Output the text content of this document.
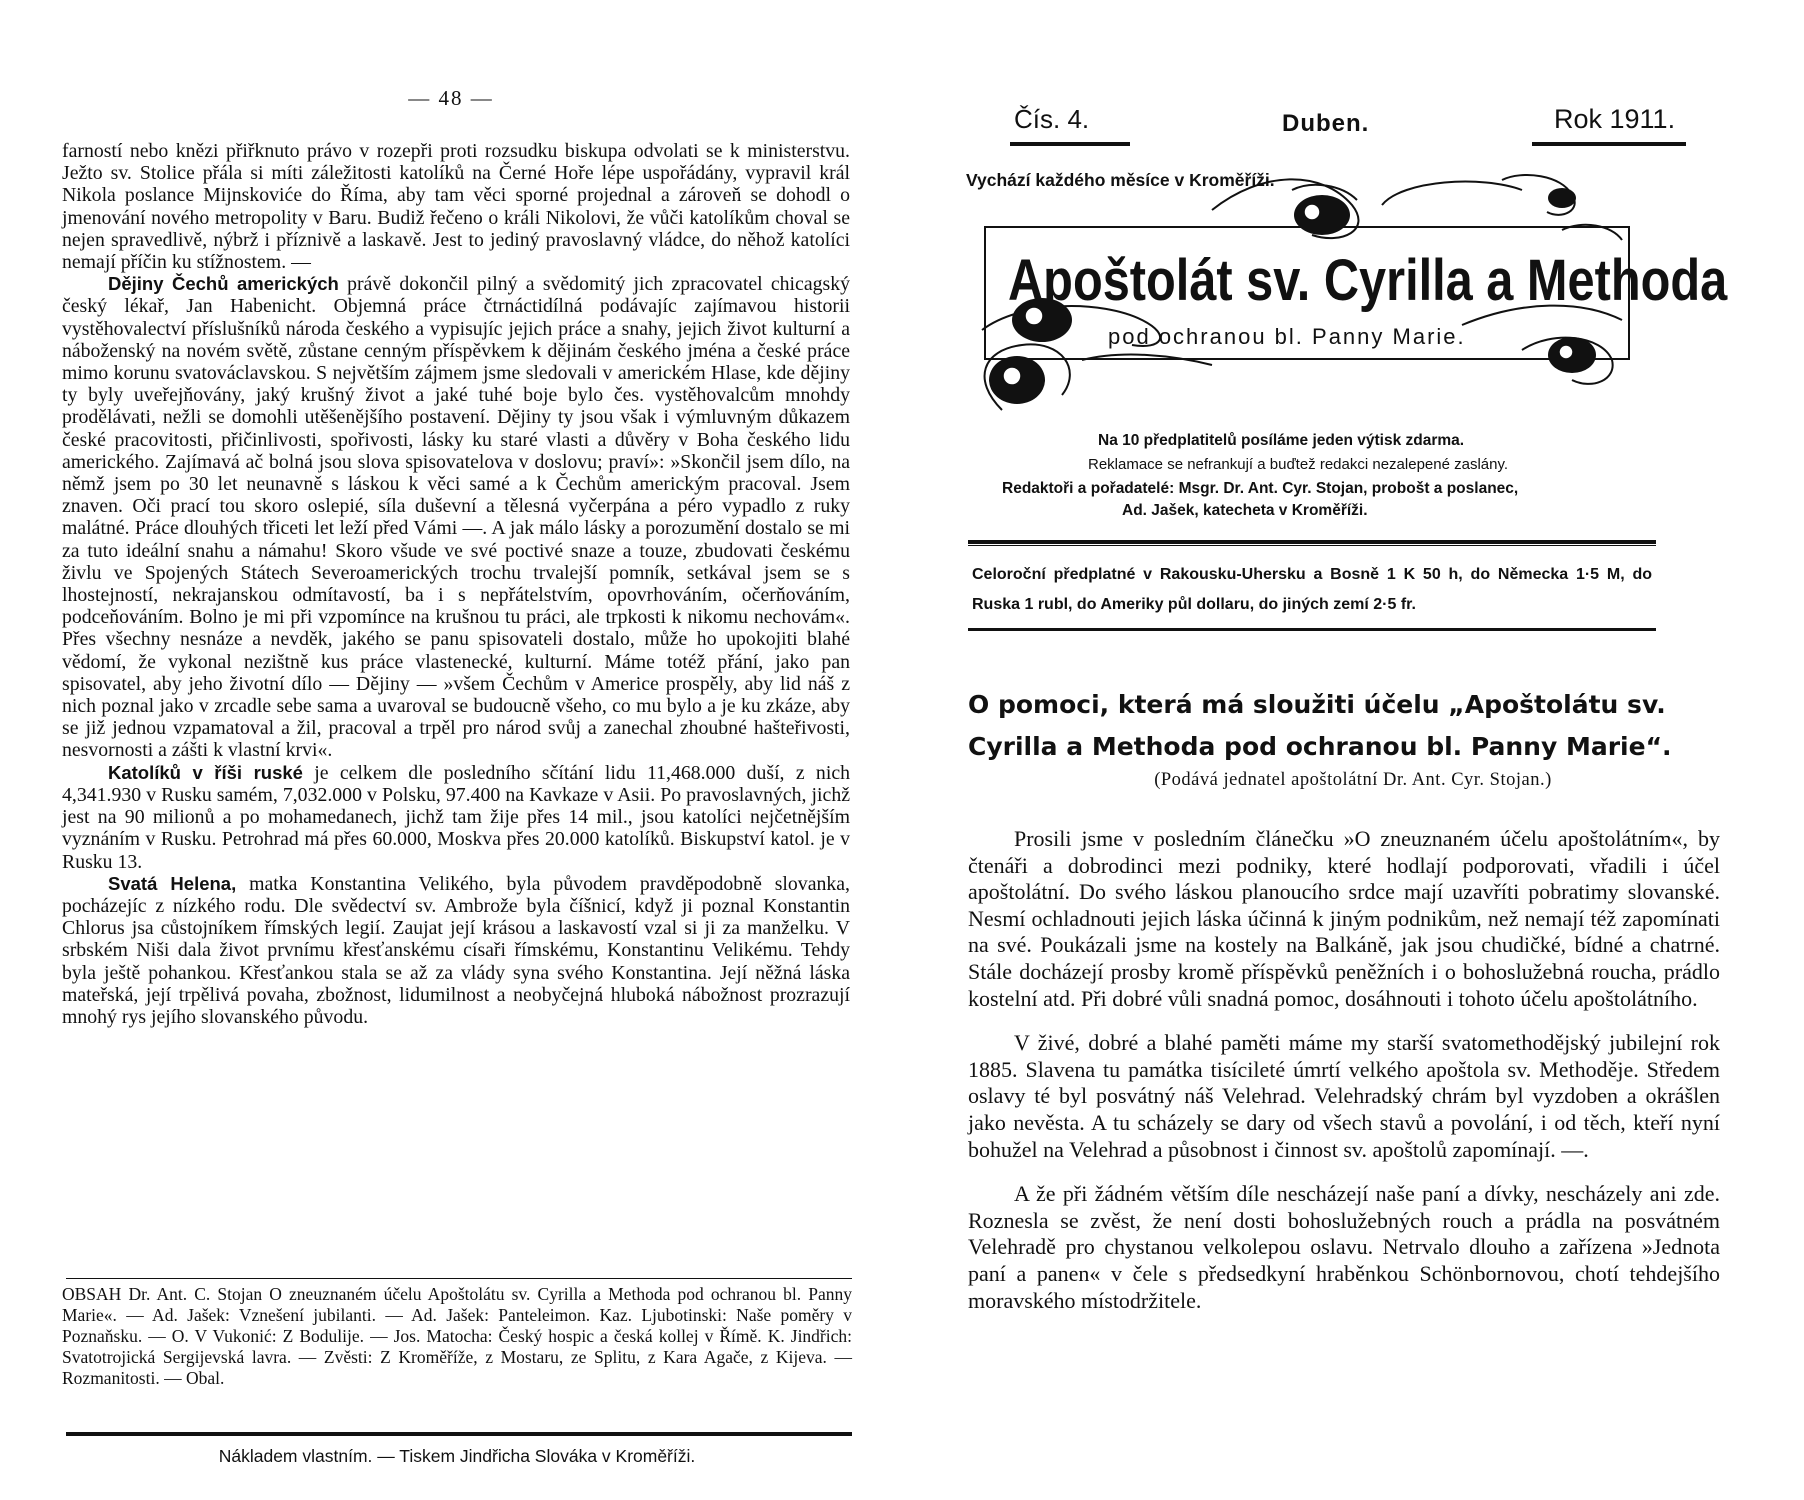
— 48 —

farností nebo knězi přiřknuto právo v rozepři proti rozsudku biskupa odvolati se k ministerstvu. Ježto sv. Stolice přála si míti záležitosti katolíků na Černé Hoře lépe uspořádány, vypravil král Nikola poslance Mijnskoviće do Říma, aby tam věci sporné projednal a zároveň se dohodl o jmenování nového metropolity v Baru. Budiž řečeno o králi Nikolovi, že vůči katolíkům choval se nejen spravedlivě, nýbrž i příznivě a laskavě. Jest to jediný pravoslavný vládce, do něhož katolíci nemají příčin ku stížnostem. —

Dějiny Čechů amerických právě dokončil pilný a svědomitý jich zpracovatel chicagský český lékař, Jan Habenicht. Objemná práce čtrnáctidílná podávajíc zajímavou historii vystěhovalectví příslušníků národa českého a vypisujíc jejich práce a snahy, jejich život kulturní a náboženský na novém světě, zůstane cenným příspěvkem k dějinám českého jména a české práce mimo korunu svatováclavskou. S největším zájmem jsme sledovali v americkém Hlase, kde dějiny ty byly uveřejňovány, jaký krušný život a jaké tuhé boje bylo čes. vystěhovalcům mnohdy prodělávati, nežli se domohli utěšenějšího postavení. Dějiny ty jsou však i výmluvným důkazem české pracovitosti, přičinlivosti, spořivosti, lásky ku staré vlasti a důvěry v Boha českého lidu amerického. Zajímavá ač bolná jsou slova spisovatelova v doslovu; praví»: »Skončil jsem dílo, na němž jsem po 30 let neunavně s láskou k věci samé a k Čechům americkým pracoval. Jsem znaven. Oči prací tou skoro oslepié, síla duševní a tělesná vyčerpána a péro vypadlo z ruky malátné. Práce dlouhých třiceti let leží před Vámi —. A jak málo lásky a porozumění dostalo se mi za tuto ideální snahu a námahu! Skoro všude ve své poctivé snaze a touze, zbudovati českému živlu ve Spojených Státech Severoamerických trochu trvalejší pomník, setkával jsem se s lhostejností, nekrajanskou odmítavostí, ba i s nepřátelstvím, opovrhováním, očerňováním, podceňováním. Bolno je mi při vzpomínce na krušnou tu práci, ale trpkosti k nikomu nechovám«. Přes všechny nesnáze a nevděk, jakého se panu spisovateli dostalo, může ho upokojiti blahé vědomí, že vykonal nezištně kus práce vlastenecké, kulturní. Máme totéž přání, jako pan spisovatel, aby jeho životní dílo — Dějiny — »všem Čechům v Americe prospěly, aby lid náš z nich poznal jako v zrcadle sebe sama a uvaroval se budoucně všeho, co mu bylo a je ku zkáze, aby se již jednou vzpamatoval a žil, pracoval a trpěl pro národ svůj a zanechal zhoubné hašteřivosti, nesvornosti a zášti k vlastní krvi«.

Katolíků v říši ruské je celkem dle posledního sčítání lidu 11,468.000 duší, z nich 4,341.930 v Rusku samém, 7,032.000 v Polsku, 97.400 na Kavkaze v Asii. Po pravoslavných, jichž jest na 90 milionů a po mohamedanech, jichž tam žije přes 14 mil., jsou katolíci nejčetnějším vyznáním v Rusku. Petrohrad má přes 60.000, Moskva přes 20.000 katolíků. Biskupství katol. je v Rusku 13.

Svatá Helena, matka Konstantina Velikého, byla původem pravděpodobně slovanka, pocházejíc z nízkého rodu. Dle svědectví sv. Ambrože byla číšnicí, když ji poznal Konstantin Chlorus jsa cůstojníkem římských legií. Zaujat její krásou a laskavostí vzal si ji za manželku. V srbském Niši dala život prvnímu křesťanskému císaři římskému, Konstantinu Velikému. Tehdy byla ještě pohankou. Křesťankou stala se až za vlády syna svého Konstantina. Její něžná láska mateřská, její trpělivá povaha, zbožnost, lidumilnost a neobyčejná hluboká nábožnost prozrazují mnohý rys jejího slovanského původu.

OBSAH Dr. Ant. C. Stojan O zneuznaném účelu Apoštolátu sv. Cyrilla a Methoda pod ochranou bl. Panny Marie«. — Ad. Jašek: Vznešení jubilanti. — Ad. Jašek: Panteleimon. Kaz. Ljubotinski: Naše poměry v Poznaňsku. — O. V Vukonić: Z Bodulije. — Jos. Matocha: Český hospic a česká kollej v Římě. K. Jindřich: Svatotrojická Sergijevská lavra. — Zvěsti: Z Kroměříže, z Mostaru, ze Splitu, z Kara Agače, z Kijeva. — Rozmanitosti. — Obal.
Nákladem vlastním. — Tiskem Jindřicha Slováka v Kroměříži.
Čís. 4.	Duben.	Rok 1911.
Vychází každého měsíce v Kroměříži.
Apoštolát sv. Cyrilla a Methoda
pod ochranou bl. Panny Marie.
Na 10 předplatitelů posíláme jeden výtisk zdarma.
Reklamace se nefrankují a buďtež redakci nezalepené zaslány.
Redaktoři a pořadatelé: Msgr. Dr. Ant. Cyr. Stojan, probošt a poslanec,
Ad. Jašek, katecheta v Kroměříži.
Celoroční předplatné v Rakousku-Uhersku a Bosně 1 K 50 h, do Německa 1·5 M, do Ruska 1 rubl, do Ameriky půl dollaru, do jiných zemí 2·5 fr.
O pomoci, která má sloužiti účelu „Apoštolátu sv.
Cyrilla a Methoda pod ochranou bl. Panny Marie“.
(Podává jednatel apoštolátní Dr. Ant. Cyr. Stojan.)

Prosili jsme v posledním článečku »O zneuznaném účelu apoštolátním«, by čtenáři a dobrodinci mezi podniky, které hodlají podporovati, vřadili i účel apoštolátní. Do svého láskou planoucího srdce mají uzavříti pobratimy slovanské. Nesmí ochladnouti jejich láska účinná k jiným podnikům, než nemají též zapomínati na své. Poukázali jsme na kostely na Balkáně, jak jsou chudičké, bídné a chatrné. Stále docházejí prosby kromě příspěvků peněžních i o bohoslužebná roucha, prádlo kostelní atd. Při dobré vůli snadná pomoc, dosáhnouti i tohoto účelu apoštolátního.

V živé, dobré a blahé paměti máme my starší svatomethodějský jubilejní rok 1885. Slavena tu památka tisícileté úmrtí velkého apoštola sv. Methoděje. Středem oslavy té byl posvátný náš Velehrad. Velehradský chrám byl vyzdoben a okrášlen jako nevěsta. A tu scházely se dary od všech stavů a povolání, i od těch, kteří nyní bohužel na Velehrad a působnost i činnost sv. apoštolů zapomínají. —.

A že při žádném větším díle nescházejí naše paní a dívky, nescházely ani zde. Roznesla se zvěst, že není dosti bohoslužebných rouch a prádla na posvátném Velehradě pro chystanou velkolepou oslavu. Netrvalo dlouho a zařízena »Jednota paní a panen« v čele s předsedkyní hraběnkou Schönbornovou, chotí tehdejšího moravského místodržitele.
